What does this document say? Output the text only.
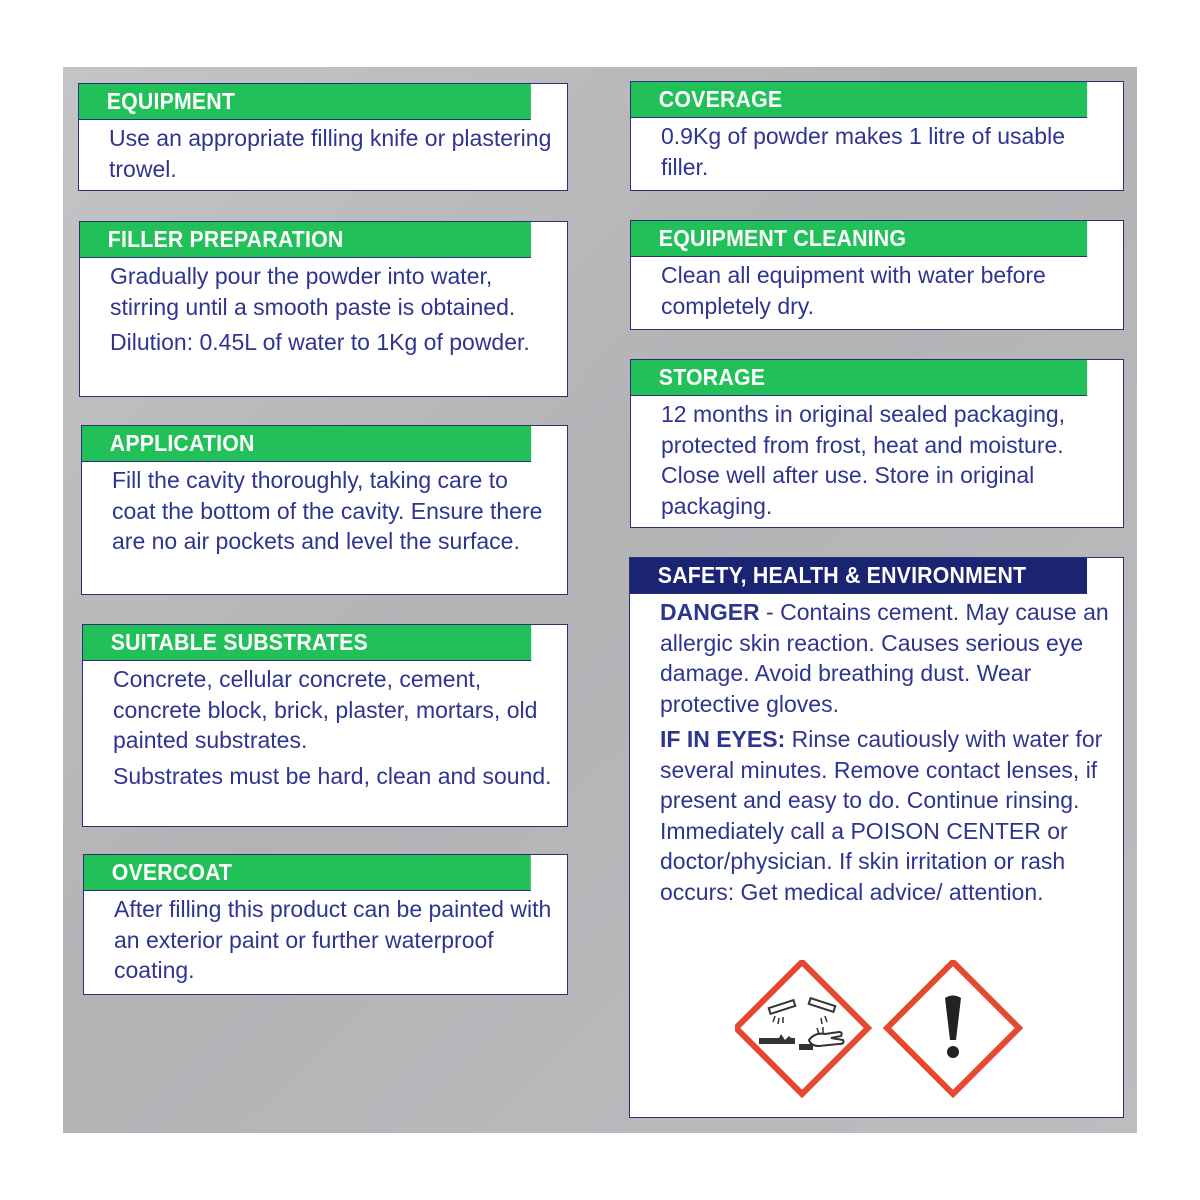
EQUIPMENT

Use an appropriate filling knife or plastering trowel.

FILLER PREPARATION

Gradually pour the powder into water, stirring until a smooth paste is obtained.

Dilution: 0.45L of water to 1Kg of powder.

APPLICATION

Fill the cavity thoroughly, taking care to coat the bottom of the cavity. Ensure there are no air pockets and level the surface.

SUITABLE SUBSTRATES

Concrete, cellular concrete, cement, concrete block, brick, plaster, mortars, old painted substrates.

Substrates must be hard, clean and sound.

OVERCOAT

After filling this product can be painted with an exterior paint or further waterproof coating.

COVERAGE

0.9Kg of powder makes 1 litre of usable filler.

EQUIPMENT CLEANING

Clean all equipment with water before completely dry.

STORAGE

12 months in original sealed packaging, protected from frost, heat and moisture. Close well after use. Store in original packaging.

SAFETY, HEALTH & ENVIRONMENT

DANGER - Contains cement. May cause an allergic skin reaction. Causes serious eye damage. Avoid breathing dust. Wear protective gloves.

IF IN EYES: Rinse cautiously with water for several minutes. Remove contact lenses, if present and easy to do. Continue rinsing. Immediately call a POISON CENTER or doctor/physician. If skin irritation or rash occurs: Get medical advice/ attention.
